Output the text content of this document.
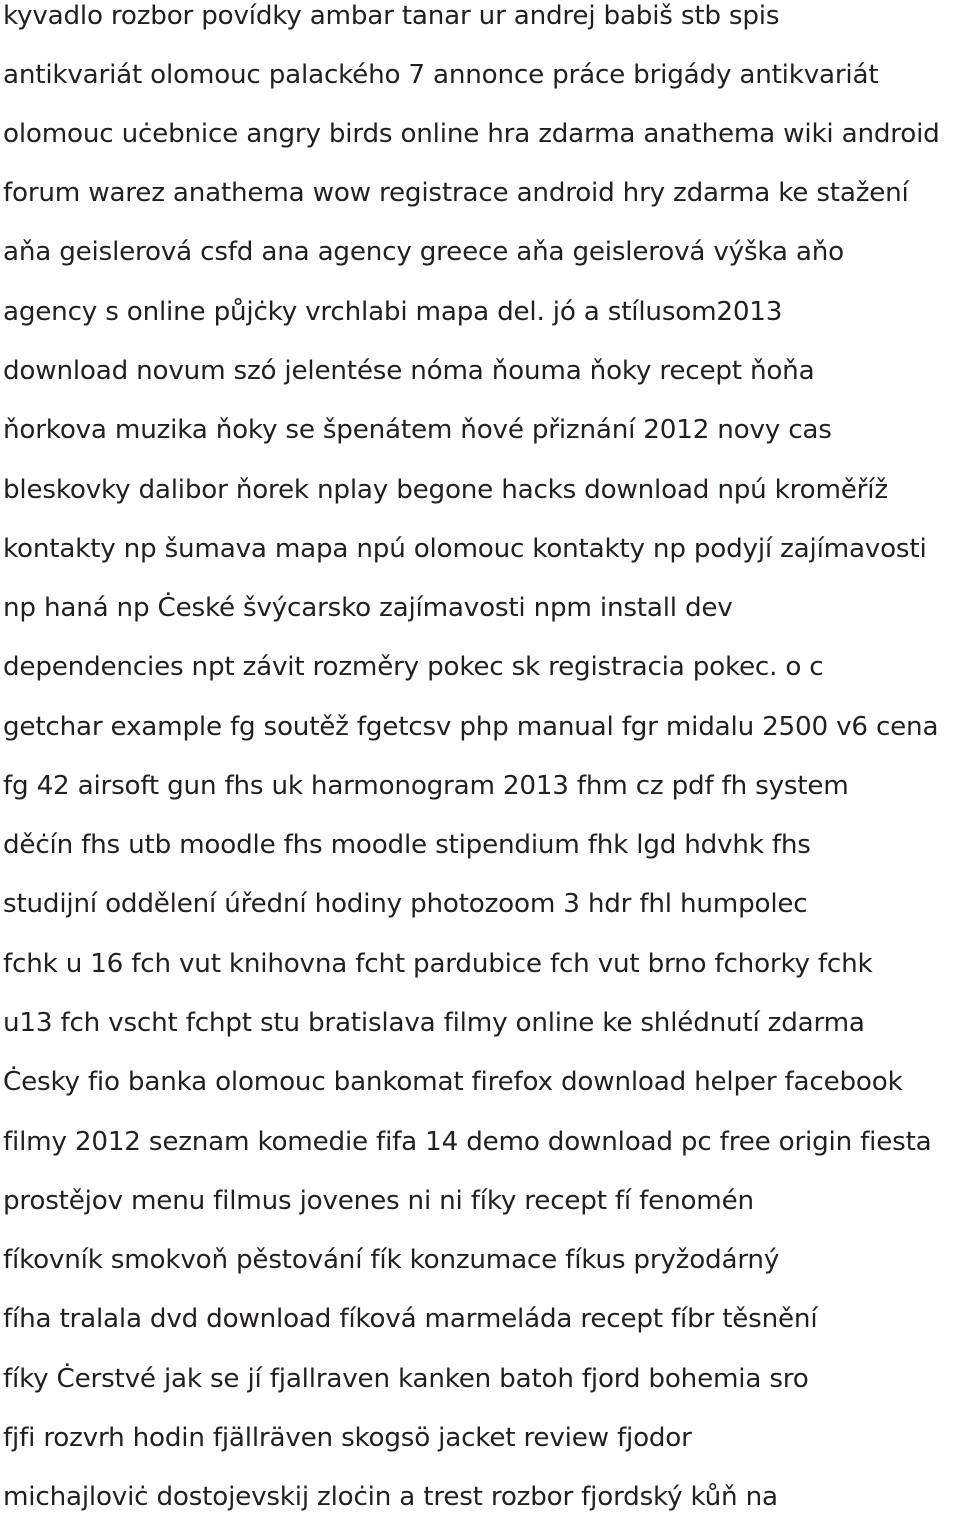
kyvadlo rozbor povídky ambar tanar ur andrej babiš stb spis
antikvariát olomouc palackého 7 annonce práce brigády antikvariát
olomouc uċebnice angry birds online hra zdarma anathema wiki android
forum warez anathema wow registrace android hry zdarma ke stažení
aňa geislerová csfd ana agency greece aňa geislerová výška aňo
agency s online půjċky vrchlabi mapa del. jó a stílusom2013
download novum szó jelentése nóma ňouma ňoky recept ňoňa
ňorkova muzika ňoky se špenátem ňové přiznání 2012 novy cas
bleskovky dalibor ňorek nplay begone hacks download npú kroměříž
kontakty np šumava mapa npú olomouc kontakty np podyjí zajímavosti
np haná np Ċeské švýcarsko zajímavosti npm install dev
dependencies npt závit rozměry pokec sk registracia pokec. o c
getchar example fg soutěž fgetcsv php manual fgr midalu 2500 v6 cena
fg 42 airsoft gun fhs uk harmonogram 2013 fhm cz pdf fh system
děċín fhs utb moodle fhs moodle stipendium fhk lgd hdvhk fhs
studijní oddělení úřední hodiny photozoom 3 hdr fhl humpolec
fchk u 16 fch vut knihovna fcht pardubice fch vut brno fchorky fchk
u13 fch vscht fchpt stu bratislava filmy online ke shlédnutí zdarma
Ċesky fio banka olomouc bankomat firefox download helper facebook
filmy 2012 seznam komedie fifa 14 demo download pc free origin fiesta
prostějov menu filmus jovenes ni ni fíky recept fí fenomén
fíkovník smokvoň pěstování fík konzumace fíkus pryžodárný
fíha tralala dvd download fíková marmeláda recept fíbr těsnění
fíky Ċerstvé jak se jí fjallraven kanken batoh fjord bohemia sro
fjfi rozvrh hodin fjällräven skogsö jacket review fjodor
michajloviċ dostojevskij zloċin a trest rozbor fjordský kůň na
